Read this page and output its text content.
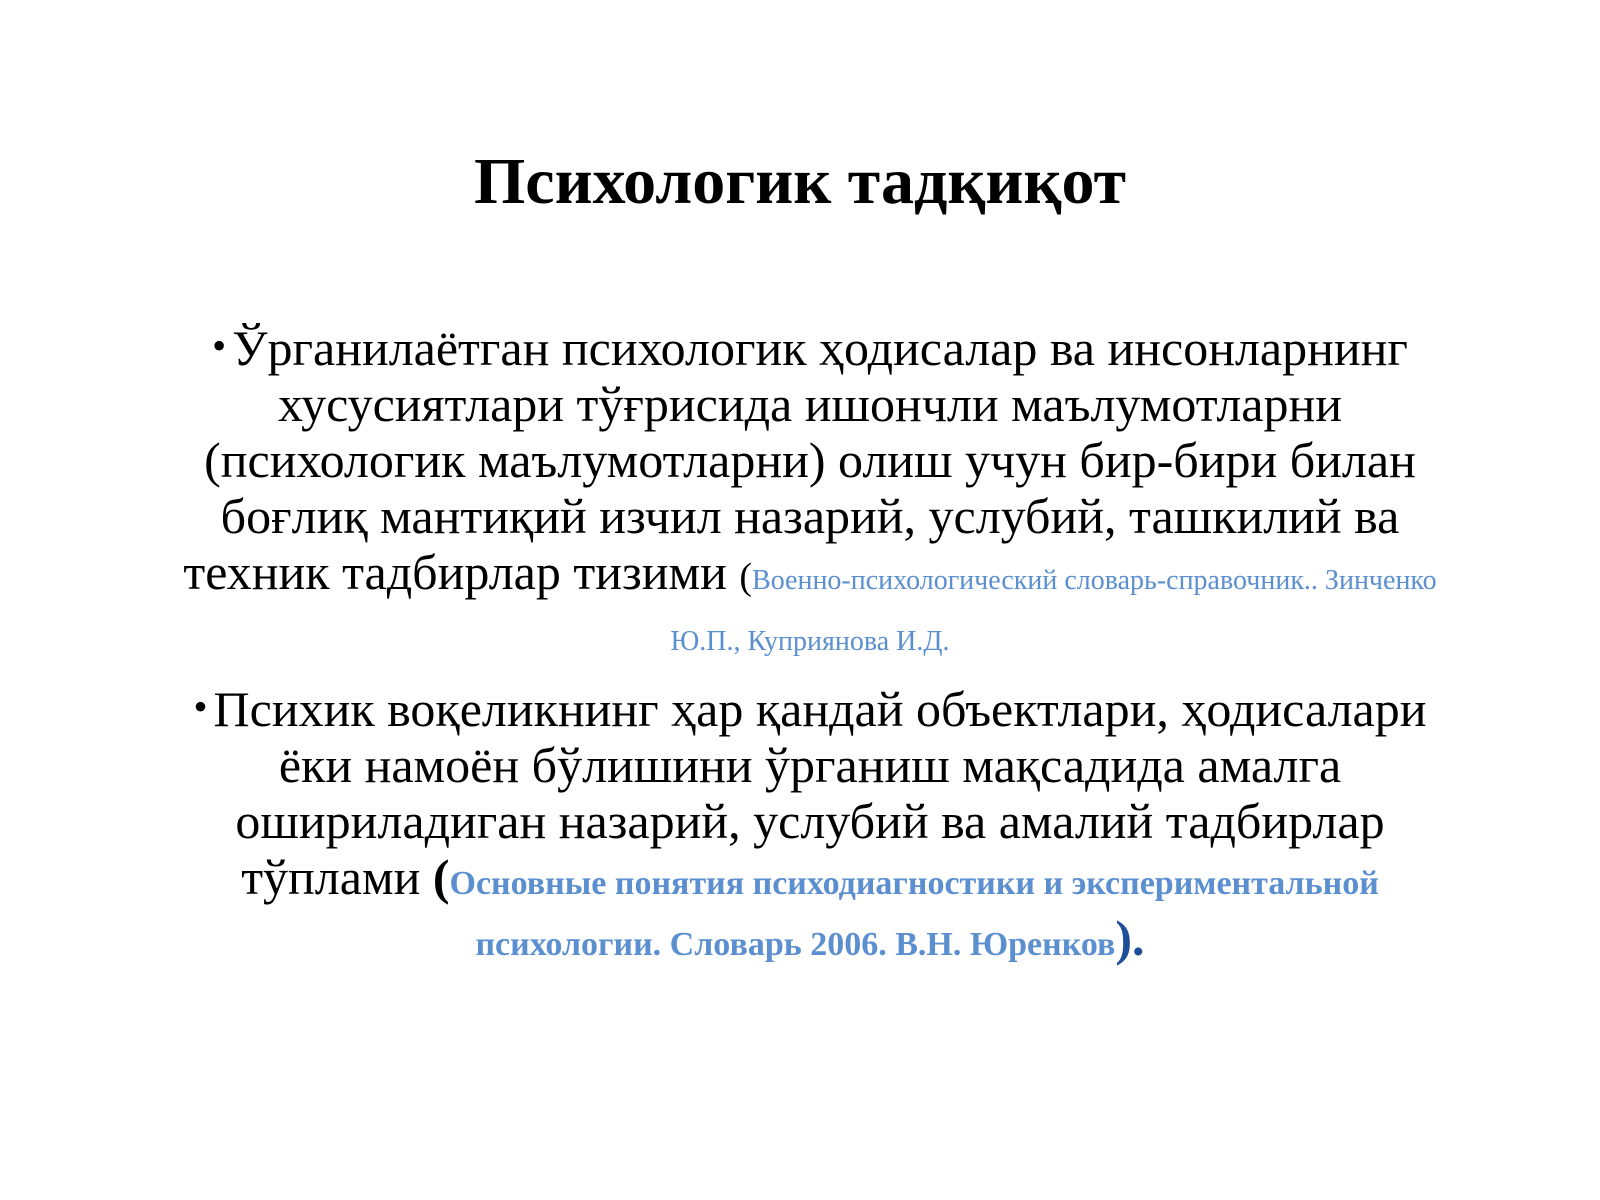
Психологик тадқиқот

• Ўрганилаётган психологик ҳодисалар ва инсонларнинг хусусиятлари тўғрисида ишончли маълумотларни (психологик маълумотларни) олиш учун бир-бири билан боғлиқ мантиқий изчил назарий, услубий, ташкилий ва техник тадбирлар тизими (Военно-психологический словарь-справочник.. Зинченко Ю.П., Куприянова И.Д.

• Психик воқеликнинг ҳар қандай объектлари, ҳодисалари ёки намоён бўлишини ўрганиш мақсадида амалга ошириладиган назарий, услубий ва амалий тадбирлар тўплами (Основные понятия психодиагностики и экспериментальной психологии. Словарь 2006. В.Н. Юренков).
